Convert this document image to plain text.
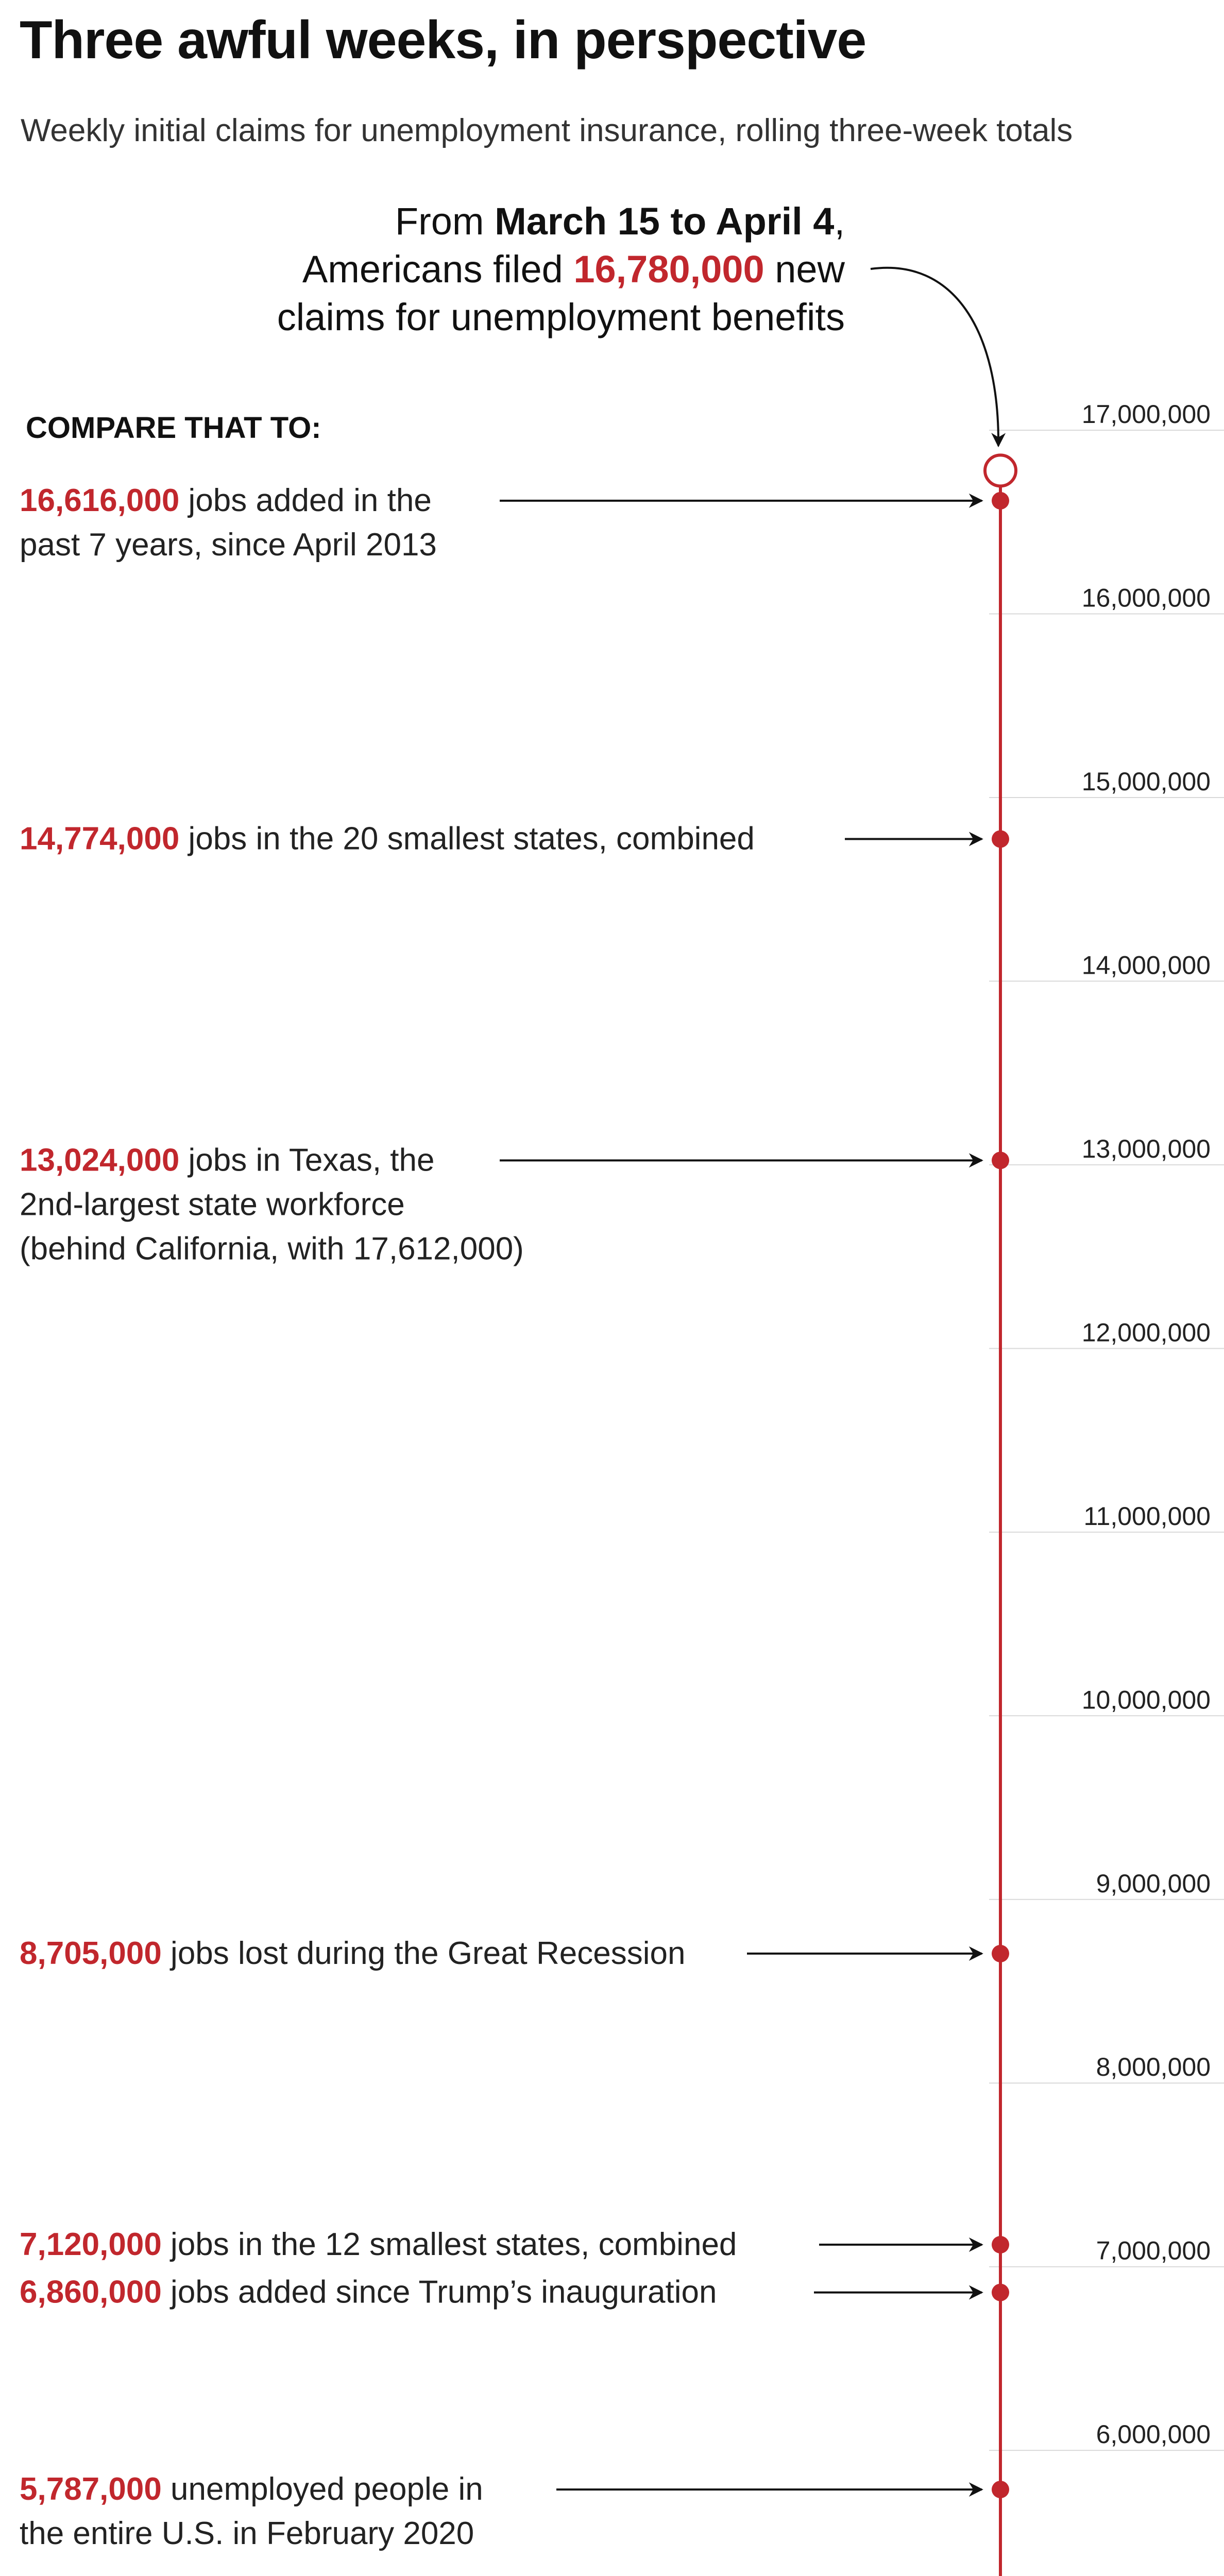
Three awful weeks, in perspective
Weekly initial claims for unemployment insurance, rolling three-week totals
6,000,000
7,000,000
8,000,000
9,000,000
10,000,000
11,000,000
12,000,000
13,000,000
14,000,000
15,000,000
16,000,000
17,000,000
16,616,000 jobs added in the
past 7 years, since April 2013
14,774,000 jobs in the 20 smallest states, combined
13,024,000 jobs in Texas, the
2nd-largest state workforce
(behind California, with 17,612,000)
8,705,000 jobs lost during the Great Recession
7,120,000 jobs in the 12 smallest states, combined
6,860,000 jobs added since Trump’s inauguration
5,787,000 unemployed people in
the entire U.S. in February 2020
COMPARE THAT TO:
From March 15 to April 4,
Americans filed 16,780,000 new
claims for unemployment benefits
